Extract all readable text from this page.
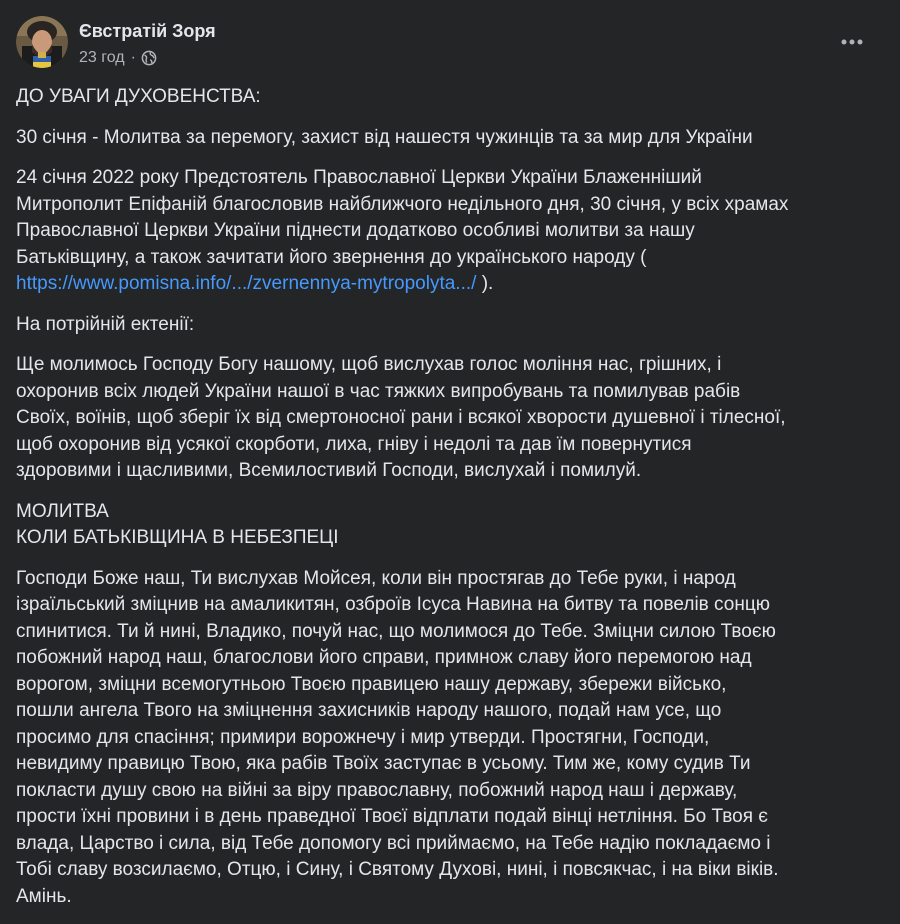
Євстратій Зоря
23 год ·

ДО УВАГИ ДУХОВЕНСТВА:

30 січня - Молитва за перемогу, захист від нашестя чужинців та за мир для України

24 січня 2022 року Предстоятель Православної Церкви України Блаженніший
Митрополит Епіфаній благословив найближчого недільного дня, 30 січня, у всіх храмах
Православної Церкви України піднести додатково особливі молитви за нашу
Батьківщину, а також зачитати його звернення до українського народу (
https://www.pomisna.info/.../zvernennya-mytropolyta.../ ).

На потрійній ектенії:

Ще молимось Господу Богу нашому, щоб вислухав голос моління нас, грішних, і
охоронив всіх людей України нашої в час тяжких випробувань та помилував рабів
Своїх, воїнів, щоб зберіг їх від смертоносної рани і всякої хворости душевної і тілесної,
щоб охоронив від усякої скорботи, лиха, гніву і недолі та дав їм повернутися
здоровими і щасливими, Всемилостивий Господи, вислухай і помилуй.

МОЛИТВА
КОЛИ БАТЬКІВЩИНА В НЕБЕЗПЕЦІ

Господи Боже наш, Ти вислухав Мойсея, коли він простягав до Тебе руки, і народ
ізраїльський зміцнив на амаликитян, озброїв Ісуса Навина на битву та повелів сонцю
спинитися. Ти й нині, Владико, почуй нас, що молимося до Тебе. Зміцни силою Твоєю
побожний народ наш, благослови його справи, примнож славу його перемогою над
ворогом, зміцни всемогутньою Твоєю правицею нашу державу, збережи військо,
пошли ангела Твого на зміцнення захисників народу нашого, подай нам усе, що
просимо для спасіння; примири ворожнечу і мир утверди. Простягни, Господи,
невидиму правицю Твою, яка рабів Твоїх заступає в усьому. Тим же, кому судив Ти
покласти душу свою на війні за віру православну, побожний народ наш і державу,
прости їхні провини і в день праведної Твоєї відплати подай вінці нетління. Бо Твоя є
влада, Царство і сила, від Тебе допомогу всі приймаємо, на Тебе надію покладаємо і
Тобі славу возсилаємо, Отцю, і Сину, і Святому Духові, нині, і повсякчас, і на віки віків.
Амінь.
